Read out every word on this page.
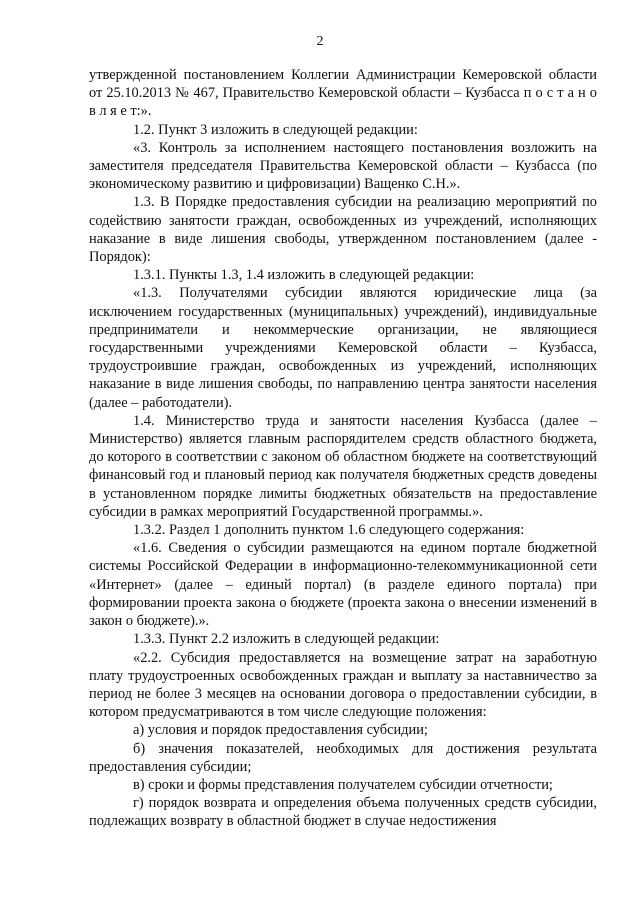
2

утвержденной постановлением Коллегии Администрации Кемеровской области от 25.10.2013 № 467, Правительство Кемеровской области – Кузбасса п о с т а н о в л я е т:».

1.2. Пункт 3 изложить в следующей редакции:

«3. Контроль за исполнением настоящего постановления возложить на заместителя председателя Правительства Кемеровской области – Кузбасса (по экономическому развитию и цифровизации) Ващенко С.Н.».

1.3. В Порядке предоставления субсидии на реализацию мероприятий по содействию занятости граждан, освобожденных из учреждений, исполняющих наказание в виде лишения свободы, утвержденном постановлением (далее - Порядок):

1.3.1. Пункты 1.3, 1.4 изложить в следующей редакции:

«1.3. Получателями субсидии являются юридические лица (за исключением государственных (муниципальных) учреждений), индивидуальные предприниматели и некоммерческие организации, не являющиеся государственными учреждениями Кемеровской области – Кузбасса, трудоустроившие граждан, освобожденных из учреждений, исполняющих наказание в виде лишения свободы, по направлению центра занятости населения (далее – работодатели).

1.4. Министерство труда и занятости населения Кузбасса (далее – Министерство) является главным распорядителем средств областного бюджета, до которого в соответствии с законом об областном бюджете на соответствующий финансовый год и плановый период как получателя бюджетных средств доведены в установленном порядке лимиты бюджетных обязательств на предоставление субсидии в рамках мероприятий Государственной программы.».

1.3.2. Раздел 1 дополнить пунктом 1.6 следующего содержания:

«1.6. Сведения о субсидии размещаются на едином портале бюджетной системы Российской Федерации в информационно-телекоммуникационной сети «Интернет» (далее – единый портал) (в разделе единого портала) при формировании проекта закона о бюджете (проекта закона о внесении изменений в закон о бюджете).».

1.3.3. Пункт 2.2 изложить в следующей редакции:

«2.2. Субсидия предоставляется на возмещение затрат на заработную плату трудоустроенных освобожденных граждан и выплату за наставничество за период не более 3 месяцев на основании договора о предоставлении субсидии, в котором предусматриваются в том числе следующие положения:

а) условия и порядок предоставления субсидии;

б) значения показателей, необходимых для достижения результата предоставления субсидии;

в) сроки и формы представления получателем субсидии отчетности;

г) порядок возврата и определения объема полученных средств субсидии, подлежащих возврату в областной бюджет в случае недостижения
